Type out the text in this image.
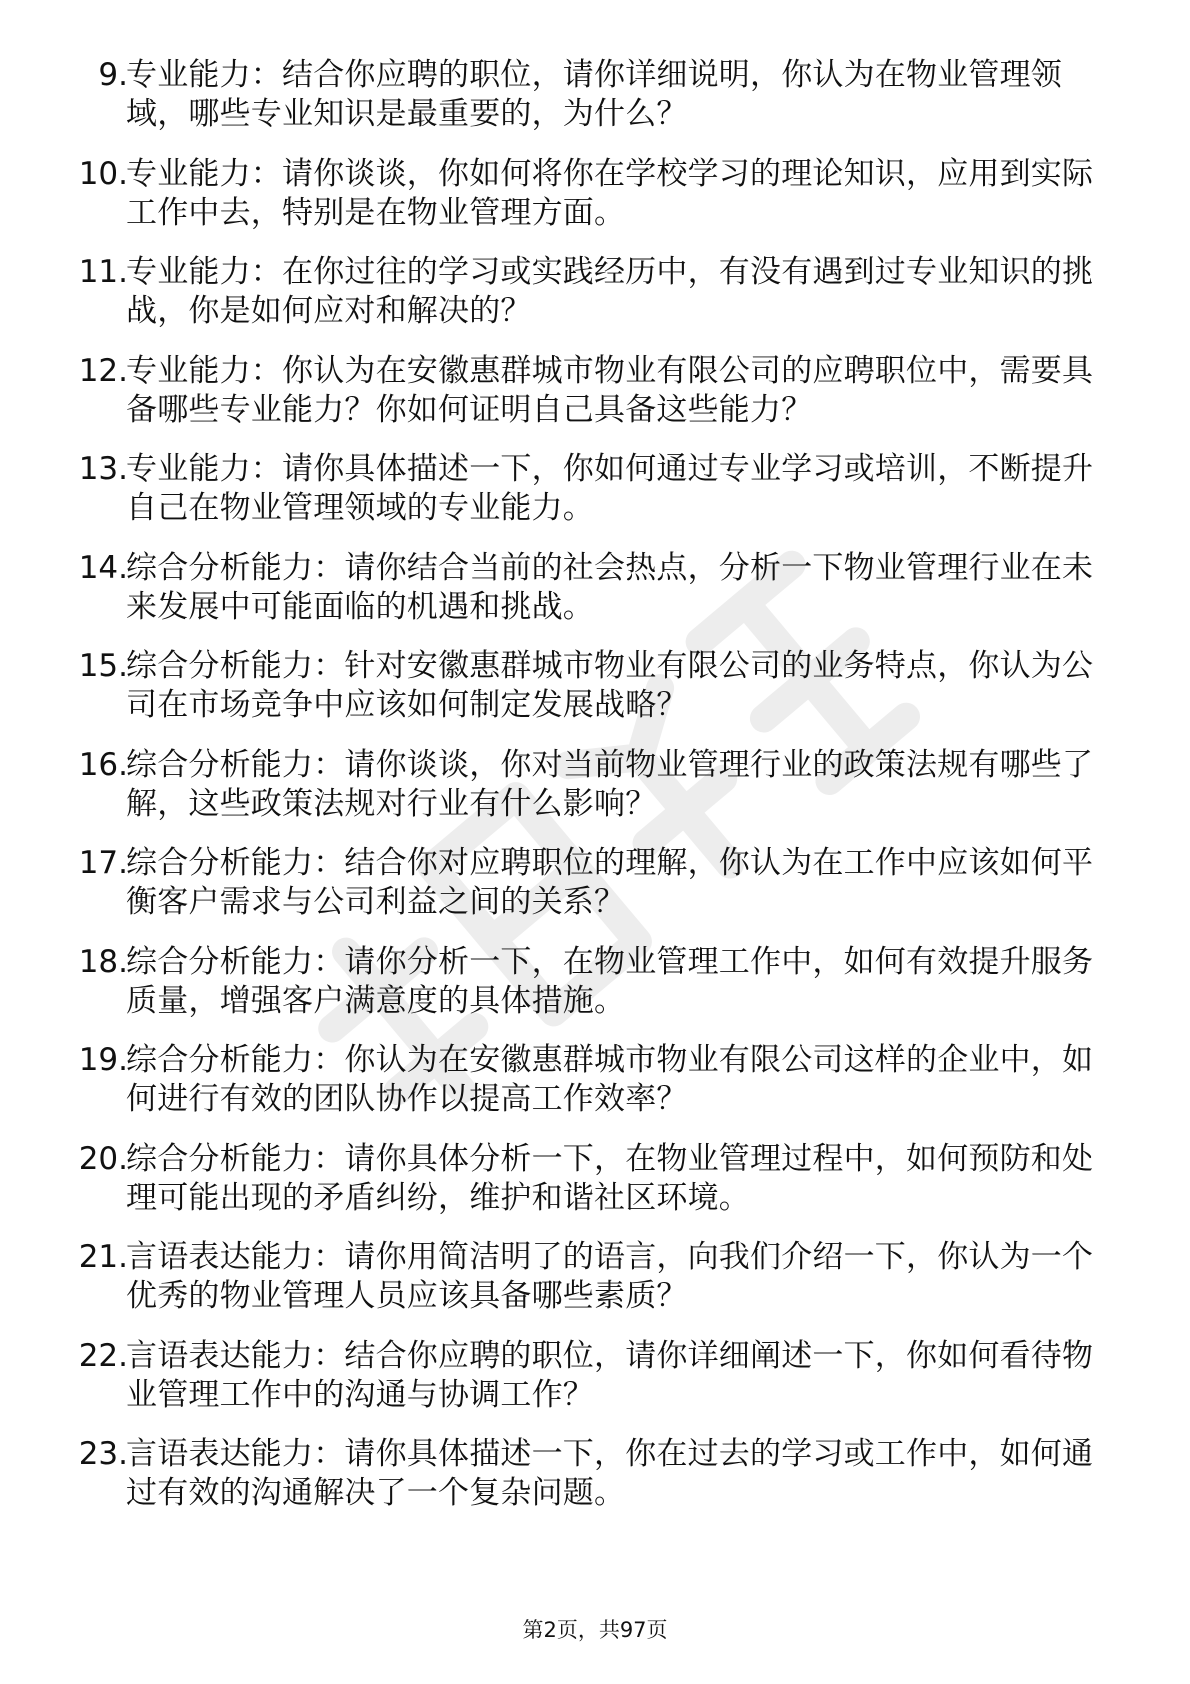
9.
专业能力：结合你应聘的职位，请你详细说明，你认为在物业管理领域，哪些专业知识是最重要的，为什么？
10.
专业能力：请你谈谈，你如何将你在学校学习的理论知识，应用到实际工作中去，特别是在物业管理方面。
11.
专业能力：在你过往的学习或实践经历中，有没有遇到过专业知识的挑战，你是如何应对和解决的？
12.
专业能力：你认为在安徽惠群城市物业有限公司的应聘职位中，需要具备哪些专业能力？你如何证明自己具备这些能力？
13.
专业能力：请你具体描述一下，你如何通过专业学习或培训，不断提升自己在物业管理领域的专业能力。
14.
综合分析能力：请你结合当前的社会热点，分析一下物业管理行业在未来发展中可能面临的机遇和挑战。
15.
综合分析能力：针对安徽惠群城市物业有限公司的业务特点，你认为公司在市场竞争中应该如何制定发展战略？
16.
综合分析能力：请你谈谈，你对当前物业管理行业的政策法规有哪些了解，这些政策法规对行业有什么影响？
17.
综合分析能力：结合你对应聘职位的理解，你认为在工作中应该如何平衡客户需求与公司利益之间的关系？
18.
综合分析能力：请你分析一下，在物业管理工作中，如何有效提升服务质量，增强客户满意度的具体措施。
19.
综合分析能力：你认为在安徽惠群城市物业有限公司这样的企业中，如何进行有效的团队协作以提高工作效率？
20.
综合分析能力：请你具体分析一下，在物业管理过程中，如何预防和处理可能出现的矛盾纠纷，维护和谐社区环境。
21.
言语表达能力：请你用简洁明了的语言，向我们介绍一下，你认为一个优秀的物业管理人员应该具备哪些素质？
22.
言语表达能力：结合你应聘的职位，请你详细阐述一下，你如何看待物业管理工作中的沟通与协调工作？
23.
言语表达能力：请你具体描述一下，你在过去的学习或工作中，如何通过有效的沟通解决了一个复杂问题。
第2页，共97页
